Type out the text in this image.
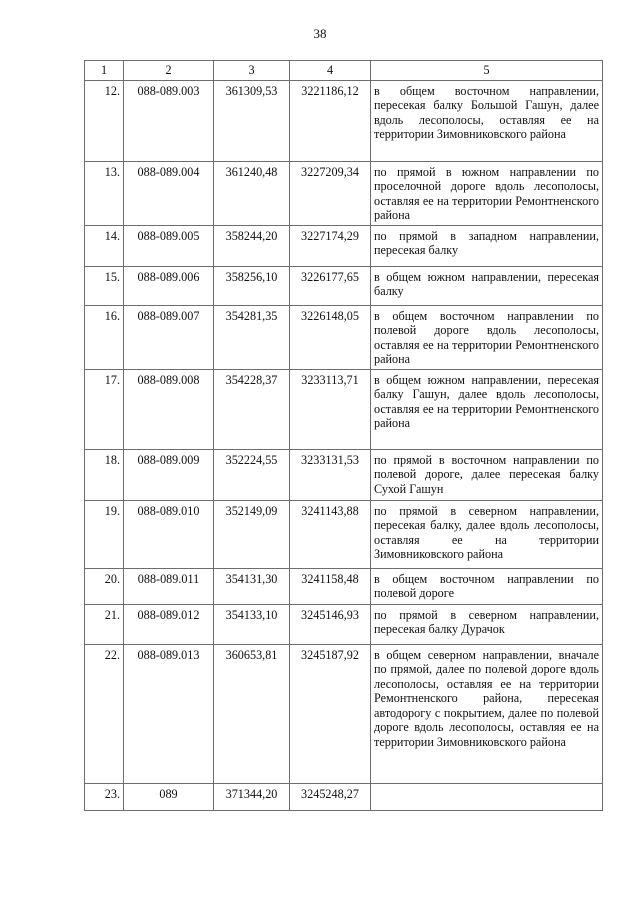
38
1	2	3	4	5
12.	088-089.003	361309,53	3221186,12	в общем восточном направлении, пересекая балку Большой Гашун, далее вдоль лесополосы, оставляя ее на территории Зимовниковского района
13.	088-089.004	361240,48	3227209,34	по прямой в южном направлении по проселочной дороге вдоль лесополосы, оставляя ее на территории Ремонтненского района
14.	088-089.005	358244,20	3227174,29	по прямой в западном направлении, пересекая балку
15.	088-089.006	358256,10	3226177,65	в общем южном направлении, пересекая балку
16.	088-089.007	354281,35	3226148,05	в общем восточном направлении по полевой дороге вдоль лесополосы, оставляя ее на территории Ремонтненского района
17.	088-089.008	354228,37	3233113,71	в общем южном направлении, пересекая балку Гашун, далее вдоль лесополосы, оставляя ее на территории Ремонтненского района
18.	088-089.009	352224,55	3233131,53	по прямой в восточном направлении по полевой дороге, далее пересекая балку Сухой Гашун
19.	088-089.010	352149,09	3241143,88	по прямой в северном направлении, пересекая балку, далее вдоль лесополосы, оставляя ее на территории Зимовниковского района
20.	088-089.011	354131,30	3241158,48	в общем восточном направлении по полевой дороге
21.	088-089.012	354133,10	3245146,93	по прямой в северном направлении, пересекая балку Дурачок
22.	088-089.013	360653,81	3245187,92	в общем северном направлении, вначале по прямой, далее по полевой дороге вдоль лесополосы, оставляя ее на территории Ремонтненского района, пересекая автодорогу с покрытием, далее по полевой дороге вдоль лесополосы, оставляя ее на территории Зимовниковского района
23.	089	371344,20	3245248,27	
